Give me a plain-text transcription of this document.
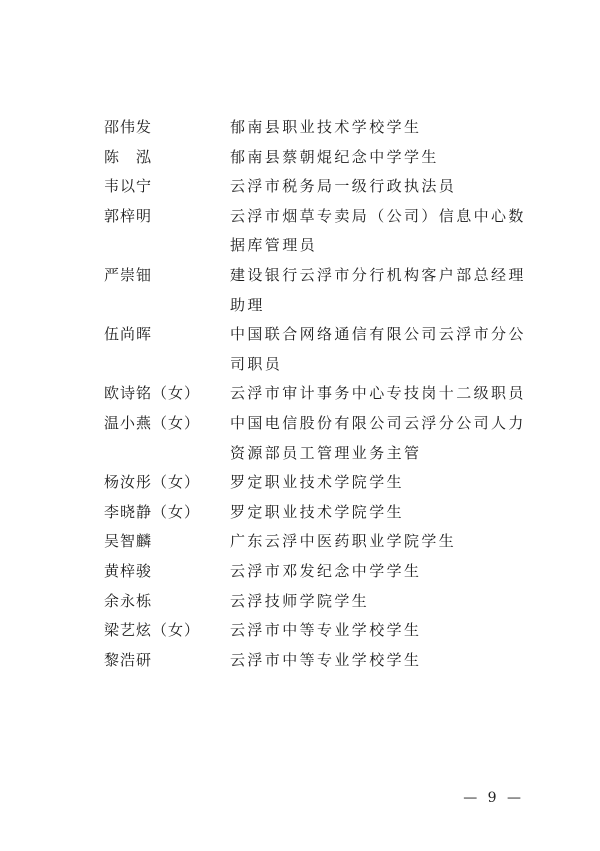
邵伟发	郁南县职业技术学校学生
陈　泓	郁南县蔡朝焜纪念中学学生
韦以宁	云浮市税务局一级行政执法员
郭梓明	云浮市烟草专卖局（公司）信息中心数
据库管理员
严崇钿	建设银行云浮市分行机构客户部总经理
助理
伍尚晖	中国联合网络通信有限公司云浮市分公
司职员
欧诗铭（女）	云浮市审计事务中心专技岗十二级职员
温小燕（女）	中国电信股份有限公司云浮分公司人力
资源部员工管理业务主管
杨汝彤（女）	罗定职业技术学院学生
李晓静（女）	罗定职业技术学院学生
吴智麟	广东云浮中医药职业学院学生
黄梓骏	云浮市邓发纪念中学学生
余永栎	云浮技师学院学生
梁艺炫（女）	云浮市中等专业学校学生
黎浩研	云浮市中等专业学校学生
— 9 —
